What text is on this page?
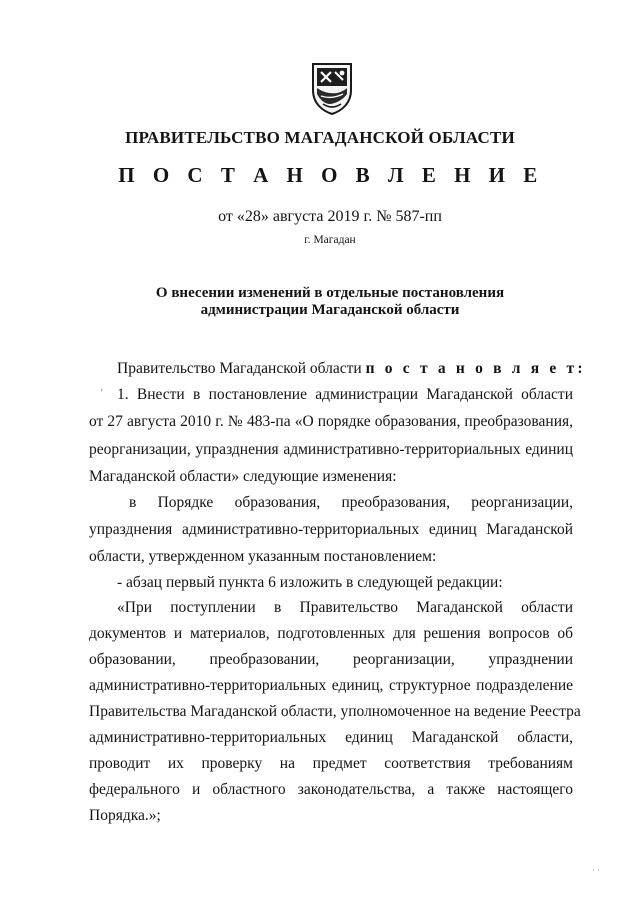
ПРАВИТЕЛЬСТВО МАГАДАНСКОЙ ОБЛАСТИ
П О С Т А Н О В Л Е Н И Е
от «28» августа 2019 г. № 587-пп
г. Магадан
О внесении изменений в отдельные постановления
администрации Магаданской области
Правительство Магаданской области п о с т а н о в л я е т:
' 1. Внести в постановление администрации Магаданской области
от 27 августа 2010 г. № 483-па «О порядке образования, преобразования,
реорганизации, упразднения административно-территориальных единиц
Магаданской области» следующие изменения:
в Порядке образования, преобразования, реорганизации,
упразднения административно-территориальных единиц Магаданской
области, утвержденном указанным постановлением:
- абзац первый пункта 6 изложить в следующей редакции:
«При поступлении в Правительство Магаданской области
документов и материалов, подготовленных для решения вопросов об
образовании, преобразовании, реорганизации, упразднении
административно-территориальных единиц, структурное подразделение
Правительства Магаданской области, уполномоченное на ведение Реестра
административно-территориальных единиц Магаданской области,
проводит их проверку на предмет соответствия требованиям
федерального и областного законодательства, а также настоящего
Порядка.»;
· ·
